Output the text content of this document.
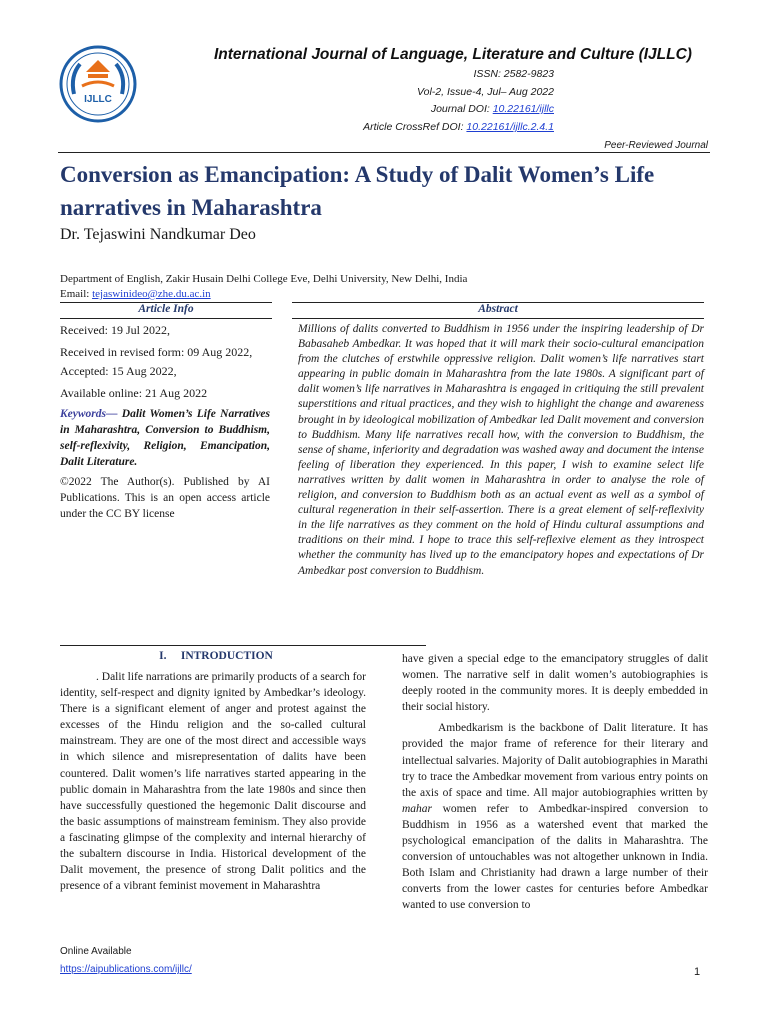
IJLLC
International Journal of Language, Literature and Culture (IJLLC)
ISSN: 2582-9823
Vol-2, Issue-4, Jul– Aug 2022
Journal DOI: 10.22161/ijllc
Article CrossRef DOI: 10.22161/ijllc.2.4.1
Peer-Reviewed Journal
Conversion as Emancipation: A Study of Dalit Women’s Life narratives in Maharashtra
Dr. Tejaswini Nandkumar Deo
Department of English, Zakir Husain Delhi College Eve, Delhi University, New Delhi, India
Email: tejaswinideo@zhe.du.ac.in
Article Info
Received: 19 Jul 2022,
Received in revised form: 09 Aug 2022,
Accepted: 15 Aug 2022,
Available online: 21 Aug 2022
Keywords— Dalit Women’s Life Narratives in Maharashtra, Conversion to Buddhism, self-reflexivity, Religion, Emancipation, Dalit Literature.
©2022 The Author(s). Published by AI Publications. This is an open access article under the CC BY license
Abstract
Millions of dalits converted to Buddhism in 1956 under the inspiring leadership of Dr Babasaheb Ambedkar. It was hoped that it will mark their socio-cultural emancipation from the clutches of erstwhile oppressive religion. Dalit women’s life narratives start appearing in public domain in Maharashtra from the late 1980s. A significant part of dalit women’s life narratives in Maharashtra is engaged in critiquing the still prevalent superstitions and ritual practices, and they wish to highlight the change and awareness brought in by ideological mobilization of Ambedkar led Dalit movement and conversion to Buddhism. Many life narratives recall how, with the conversion to Buddhism, the sense of shame, inferiority and degradation was washed away and document the intense feeling of liberation they experienced. In this paper, I wish to examine select life narratives written by dalit women in Maharashtra in order to analyse the role of religion, and conversion to Buddhism both as an actual event as well as a symbol of cultural regeneration in their self-assertion. There is a great element of self-reflexivity in the life narratives as they comment on the hold of Hindu cultural assumptions and traditions on their mind. I hope to trace this self-reflexive element as they introspect whether the community has lived up to the emancipatory hopes and expectations of Dr Ambedkar post conversion to Buddhism.
I.     INTRODUCTION
. Dalit life narrations are primarily products of a search for identity, self-respect and dignity ignited by Ambedkar’s ideology. There is a significant element of anger and protest against the excesses of the Hindu religion and the so-called cultural mainstream. They are one of the most direct and accessible ways in which silence and misrepresentation of dalits have been countered. Dalit women’s life narratives started appearing in the public domain in Maharashtra from the late 1980s and since then have successfully questioned the hegemonic Dalit discourse and the basic assumptions of mainstream feminism. They also provide a fascinating glimpse of the complexity and internal hierarchy of the subaltern discourse in India. Historical development of the Dalit movement, the presence of strong Dalit politics and the presence of a vibrant feminist movement in Maharashtra

have given a special edge to the emancipatory struggles of dalit women. The narrative self in dalit women’s autobiographies is deeply rooted in the community mores. It is deeply embedded in their social history.

Ambedkarism is the backbone of Dalit literature. It has provided the major frame of reference for their literary and intellectual salvaries. Majority of Dalit autobiographies in Marathi try to trace the Ambedkar movement from various entry points on the axis of space and time. All major autobiographies written by mahar women refer to Ambedkar-inspired conversion to Buddhism in 1956 as a watershed event that marked the psychological emancipation of the dalits in Maharashtra. The conversion of untouchables was not altogether unknown in India. Both Islam and Christianity had drawn a large number of their converts from the lower castes for centuries before Ambedkar wanted to use conversion to

Online Available
https://aipublications.com/ijllc/	1
